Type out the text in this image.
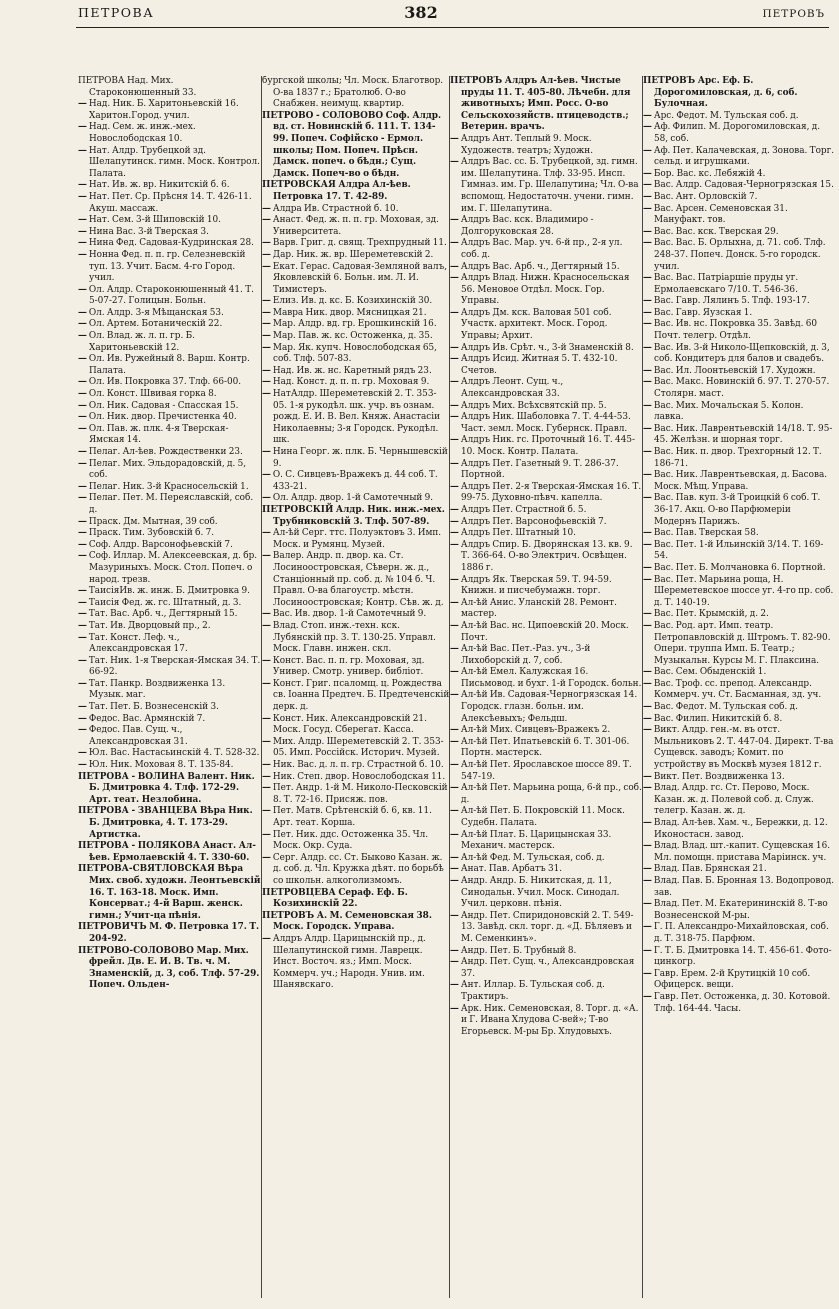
ПЕТРОВА	382	ПЕТРОВЪ

ПЕТРОВА Над. Мих. Староконюшенный 33.

— Над. Ник. Б. Харитоньевскій 16. Харитон.Город. учил.

— Над. Сем. ж. инж.-мех. Новослободская 10.

— Нат. Алдр. Трубецкой зд. Шелапутинск. гимн. Моск. Контрол. Палата.

— Нат. Ив. ж. вр. Никитскій б. 6.

— Нат. Пет. Ср. Прѣсня 14. Т. 426-11. Акуш. массаж.

— Нат. Сем. 3-й Шиповскій 10.

— Нина Вас. 3-й Тверская 3.

— Нина Фед. Садовая-Кудринская 28.

— Нонна Фед. п. п. гр. Селезневскій туп. 13. Учит. Басм. 4-го Город. учил.

— Ол. Алдр. Староконюшенный 41. Т. 5-07-27. Голицын. Больн.

— Ол. Алдр. 3-я Мѣщанская 53.

— Ол. Артем. Ботаническій 22.

— Ол. Влад. ж. л. п. гр. Б. Харитоньевскій 12.

— Ол. Ив. Ружейный 8. Варш. Контр. Палата.

— Ол. Ив. Покровка 37. Тлф. 66-00.

— Ол. Конст. Швивая горка 8.

— Ол. Ник. Садовая - Спасская 15.

— Ол. Ник. двор. Пречистенка 40.

— Ол. Пав. ж. плк. 4-я Тверская-Ямская 14.

— Пелаг. Ал-ѣев. Рождественки 23.

— Пелаг. Мих. Эльдорадовскій, д. 5, соб.

— Пелаг. Ник. 3-й Красносельскій 1.

— Пелаг. Пет. М. Переяславскій, соб. д.

— Праск. Дм. Мытная, 39 соб.

— Праск. Тим. Зубовскій б. 7.

— Соф. Алдр. Варсонофьевскій 7.

— Соф. Иллар. М. Алексеевская, д. бр. Мазуриныхъ. Моск. Стол. Попеч. о народ. трезв.

— ТаисіяИв. ж. инж. Б. Дмитровка 9.

— Таисія Фед. ж. гс. Штатный, д. 3.

— Тат. Вас. Арб. ч., Дегтярный 15.

— Тат. Ив. Дворцовый пр., 2.

— Тат. Конст. Леф. ч., Александровская 17.

— Тат. Ник. 1-я Тверская-Ямская 34. Т. 66-92.

— Тат. Панкр. Воздвиженка 13. Музык. маг.

— Тат. Пет. Б. Вознесенскій 3.

— Федос. Вас. Армянскій 7.

— Федос. Пав. Сущ. ч., Александровская 31.

— Юл. Вас. Настасьинскій 4. Т. 528-32.

— Юл. Ник. Моховая 8. Т. 135-84.

ПЕТРОВА - ВОЛИНА Валент. Ник. Б. Дмитровка 4. Тлф. 172-29. Арт. теат. Незлобина.

ПЕТРОВА - ЗВАНЦЕВА Вѣра Ник. Б. Дмитровка, 4. Т. 173-29. Артистка.

ПЕТРОВА - ПОЛЯКОВА Анаст. Ал-ѣев. Ермолаевскій 4. Т. 330-60.

ПЕТРОВА-СВЯТЛОВСКАЯ Вѣра Мих. своб. художн. Леонтьевскій 16. Т. 163-18. Моск. Имп. Консерват.; 4-й Варш. женск. гимн.; Учит-ца пѣнія.

ПЕТРОВИЧЪ М. Ф. Петровка 17. Т. 204-92.

ПЕТРОВО-СОЛОВОВО Мар. Мих. фрейл. Дв. Е. И. В. Тв. ч. М. Знаменскій, д. 3, соб. Тлф. 57-29. Попеч. Ольден-

бургской школы; Чл. Моск. Благотвор. О-ва 1837 г.; Братолюб. О-во Снабжен. неимущ. квартир.

ПЕТРОВО - СОЛОВОВО Соф. Алдр. вд. ст. Новинскій б. 111. Т. 134-99. Попеч. Софійско - Ермол. школы; Пом. Попеч. Прѣсн. Дамск. попеч. о бѣдн.; Сущ. Дамск. Попеч-во о бѣдн.

ПЕТРОВСКАЯ Алдра Ал-ѣев. Петровка 17. Т. 42-89.

— Алдра Ив. Страстной б. 10.

— Анаст. Фед. ж. п. п. гр. Моховая, зд. Университета.

— Варв. Григ. д. свящ. Трехпрудный 11.

— Дар. Ник. ж. вр. Шереметевскій 2.

— Екат. Герас. Садовая-Земляной валъ, Яковлевскій 6. Больн. им. Л. И. Тимистеръ.

— Елиз. Ив. д. кс. Б. Козихинскій 30.

— Мавра Ник. двор. Мясницкая 21.

— Мар. Алдр. вд. гр. Ерошкинскій 16.

— Мар. Пав. ж. кс. Остоженка, д. 35.

— Мар. Як. купч. Новослободская 65, соб. Тлф. 507-83.

— Над. Ив. ж. нс. Каретный рядъ 23.

— Над. Конст. д. п. п. гр. Моховая 9.

— НатАлдр. Шереметевскій 2. Т. 353-05. 1-я рукодѣл. шк. учр. въ ознам. рожд. Е. И. В. Вел. Княж. Анастасіи Николаевны; 3-я Городск. Рукодѣл. шк.

— Нина Георг. ж. плк. Б. Чернышевскій 9.

— О. С. Сивцевъ-Вражекъ д. 44 соб. Т. 433-21.

— Ол. Алдр. двор. 1-й Самотечный 9.

ПЕТРОВСКІЙ Алдр. Ник. инж.-мех. Трубниковскій 3. Тлф. 507-89.

— Ал-ѣй Серг. ттс. Полуэктовъ 3. Имп. Моск. и Румянц. Музей.

— Валер. Андр. п. двор. ка. Ст. Лосиноостровская, Сѣверн. ж. д., Станціонный пр. соб. д. № 104 б. Ч. Правл. О-ва благоустр. мѣстн. Лосиноостровская; Контр. Сѣв. ж. д.

— Вас. Ив. двор. 1-й Самотечный 9.

— Влад. Стоп. инж.-техн. кск. Лубянскій пр. 3. Т. 130-25. Управл. Моск. Главн. инжен. скл.

— Конст. Вас. п. п. гр. Моховая, зд. Универ. Смотр. универ. библіот.

— Конст. Григ. псаломщ. ц. Рождества св. Іоанна Предтеч. Б. Предтеченскій дерк. д.

— Конст. Ник. Александровскій 21. Моск. Госуд. Сберегат. Касса.

— Мих. Алдр. Шереметевскій 2. Т. 353-05. Имп. Россійск. Историч. Музей.

— Ник. Вас. д. л. п. гр. Страстной б. 10.

— Ник. Степ. двор. Новослободская 11.

— Пет. Андр. 1-й М. Николо-Песковскій 8. Т. 72-16. Присяж. пов.

— Пет. Матв. Срѣтенскій б. 6, кв. 11. Арт. теат. Корша.

— Пет. Ник. ддс. Остоженка 35. Чл. Моск. Окр. Суда.

— Серг. Алдр. сс. Ст. Быково Казан. ж. д. соб. д. Чл. Кружка дѣят. по борьбѣ со школьн. алкоголизмомъ.

ПЕТРОВЦЕВА Сераф. Еф. Б. Козихинскій 22.

ПЕТРОВЪ А. М. Семеновская 38. Моск. Городск. Управа.

— Алдръ Алдр. Царицынскій пр., д. Шелапутинской гимн. Лаврецк. Инст. Восточ. яз.; Имп. Моск. Коммерч. уч.; Народн. Унив. им. Шанявскаго.

ПЕТРОВЪ Алдръ Ал-ѣев. Чистые пруды 11. Т. 405-80. Лѣчебн. для животныхъ; Имп. Росс. О-во Сельскохозяйств. птицеводств.; Ветерин. врачъ.

— Алдръ Ант. Теплый 9. Моск. Художеств. театръ; Художн.

— Алдръ Вас. сс. Б. Трубецкой, зд. гимн. им. Шелапутина. Тлф. 33-95. Инсп. Гимназ. им. Гр. Шелапутина; Чл. О-ва вспомощ. Недостаточн. учени. гимн. им. Г. Шелапутина.

— Алдръ Вас. кск. Владимиро - Долгоруковская 28.

— Алдръ Вас. Мар. уч. 6-й пр., 2-я ул. соб. д.

— Алдръ Вас. Арб. ч., Дегтярный 15.

— Алдръ Влад. Нижн. Красносельская 56. Меновое Отдѣл. Моск. Гор. Управы.

— Алдръ Дм. кск. Валовая 501 соб. Участк. архитект. Моск. Город. Управы; Архит.

— Алдръ Ив. Срѣт. ч., 3-й Знаменскій 8.

— Алдръ Исид. Житная 5. Т. 432-10. Счетов.

— Алдръ Леонт. Сущ. ч., Александровская 33.

— Алдръ Мих. Всѣхсвятскій пр. 5.

— Алдръ Ник. Шаболовка 7. Т. 4-44-53. Част. земл. Моск. Губернск. Правл.

— Алдръ Ник. гс. Проточный 16. Т. 445-10. Моск. Контр. Палата.

— Алдръ Пет. Газетный 9. Т. 286-37. Портной.

— Алдръ Пет. 2-я Тверская-Ямская 16. Т. 99-75. Духовно-пѣвч. капелла.

— Алдръ Пет. Страстной б. 5.

— Алдръ Пет. Варсонофьевскій 7.

— Алдръ Пет. Штатный 10.

— Алдръ Спир. Б. Дворянская 13. кв. 9. Т. 366-64. О-во Электрич. Освѣщен. 1886 г.

— Алдръ Як. Тверская 59. Т. 94-59. Книжн. и писчебумажн. торг.

— Ал-ѣй Анис. Уланскій 28. Ремонт. мастер.

— Ал-ѣй Вас. нс. Ципоевскій 20. Моск. Почт.

— Ал-ѣй Вас. Пет.-Раз. уч., 3-й Лихоборскій д. 7, соб.

— Ал-ѣй Емел. Калужская 16. Письмовод. и бухг. 1-й Городск. больн.

— Ал-ѣй Ив. Садовая-Черногрязская 14. Городск. глазн. больн. им. Алексѣевыхъ; Фельдш.

— Ал-ѣй Мих. Сивцевъ-Вражекъ 2.

— Ал-ѣй Пет. Ипатьевскій 6. Т. 301-06. Портн. мастерск.

— Ал-ѣй Пет. Ярославское шоссе 89. Т. 547-19.

— Ал-ѣй Пет. Марьина роща, 6-й пр., соб. д.

— Ал-ѣй Пет. Б. Покровскій 11. Моск. Судебн. Палата.

— Ал-ѣй Плат. Б. Царицынская 33. Механич. мастерск.

— Ал-ѣй Фед. М. Тульская, соб. д.

— Анат. Пав. Арбатъ 31.

— Андр. Андр. Б. Никитская, д. 11, Синодальн. Учил. Моск. Синодал. Учил. церковн. пѣнія.

— Андр. Пет. Спиридоновскій 2. Т. 549-13. Завѣд. скл. торг. д. «Д. Бѣляевъ и М. Семенкинъ».

— Андр. Пет. Б. Трубный 8.

— Андр. Пет. Сущ. ч., Александровская 37.

— Ант. Иллар. Б. Тульская соб. д. Трактиръ.

— Арк. Ник. Семеновская, 8. Торг. д. «А. и Г. Ивана Хлудова С-вей»; Т-во Егорьевск. М-ры Бр. Хлудовыхъ.

ПЕТРОВЪ Арс. Еф. Б. Дорогомиловская, д. 6, соб. Булочная.

— Арс. Федот. М. Тульская соб. д.

— Аф. Филип. М. Дорогомиловская, д. 58, соб.

— Аф. Пет. Калачевская, д. Зонова. Торг. сельд. и игрушками.

— Бор. Вас. кс. Лебяжій 4.

— Вас. Алдр. Садовая-Черногрязская 15.

— Вас. Ант. Орловскій 7.

— Вас. Арсен. Семеновская 31. Мануфакт. тов.

— Вас. Вас. кск. Тверская 29.

— Вас. Вас. Б. Орлыхна, д. 71. соб. Тлф. 248-37. Попеч. Донск. 5-го городск. учил.

— Вас. Вас. Патріаршіе пруды уг. Ермолаевскаго 7/10. Т. 546-36.

— Вас. Гавр. Лялинъ 5. Тлф. 193-17.

— Вас. Гавр. Яузская 1.

— Вас. Ив. нс. Покровка 35. Завѣд. 60 Почт. телегр. Отдѣл.

— Вас. Ив. 3-й Николо-Щепковскій, д. 3, соб. Кондитеръ для балов и свадебъ.

— Вас. Ил. Лоонтьевскій 17. Художн.

— Вас. Макс. Новинскій б. 97. Т. 270-57. Столярн. маст.

— Вас. Мих. Мочальская 5. Колон. лавка.

— Вас. Ник. Лаврентьевскій 14/18. Т. 95-45. Желѣзн. и шорная торг.

— Вас. Ник. п. двор. Трехгорный 12. Т. 186-71.

— Вас. Ник. Лаврентьевская, д. Басова. Моск. Мѣщ. Управа.

— Вас. Пав. куп. 3-й Троицкій 6 соб. Т. 36-17. Акц. О-во Парфюмеріи Модернъ Парижъ.

— Вас. Пав. Тверская 58.

— Вас. Пет. 1-й Ильинскій 3/14. Т. 169-54.

— Вас. Пет. Б. Молчановка 6. Портной.

— Вас. Пет. Марьина роща, Н. Шереметевское шоссе уг. 4-го пр. соб. д. Т. 140-19.

— Вас. Пет. Крымскій, д. 2.

— Вас. Род. арт. Имп. театр. Петропавловскій д. Штромъ. Т. 82-90. Опери. труппа Имп. Б. Театр.; Музыкальн. Курсы М. Г. Плаксина.

— Вас. Сем. Обыденскій 1.

— Вас. Троф. сс. препод. Александр. Коммерч. уч. Ст. Басманная, зд. уч.

— Вас. Федот. М. Тульская соб. д.

— Вас. Филип. Никитскій б. 8.

— Викт. Алдр. ген.-м. въ отст. Мыльниковъ 2. Т. 447-04. Директ. Т-ва Сущевск. заводъ; Комит. по устройству въ Москвѣ музея 1812 г.

— Викт. Пет. Воздвиженка 13.

— Влад. Алдр. гс. Ст. Перово, Моск. Казан. ж. д. Полевой соб. д. Служ. телегр. Казан. ж. д.

— Влад. Ал-ѣев. Хам. ч., Бережки, д. 12. Иконостасн. завод.

— Влад. Влад. шт.-капит. Сущевская 16. Мл. помощн. пристава Маріинск. уч.

— Влад. Пав. Брянская 21.

— Влад. Пав. Б. Бронная 13. Водопровод. зав.

— Влад. Пет. М. Екатерининскій 8. Т-во Вознесенской М-ры.

— Г. П. Александро-Михайловская, соб. д. Т. 318-75. Парфюм.

— Г. Т. Б. Дмитровка 14. Т. 456-61. Фото-цинкогр.

— Гавр. Ерем. 2-й Крутицкій 10 соб. Офицерск. вещи.

— Гавр. Пет. Остоженка, д. 30. Котовой. Тлф. 164-44. Часы.
